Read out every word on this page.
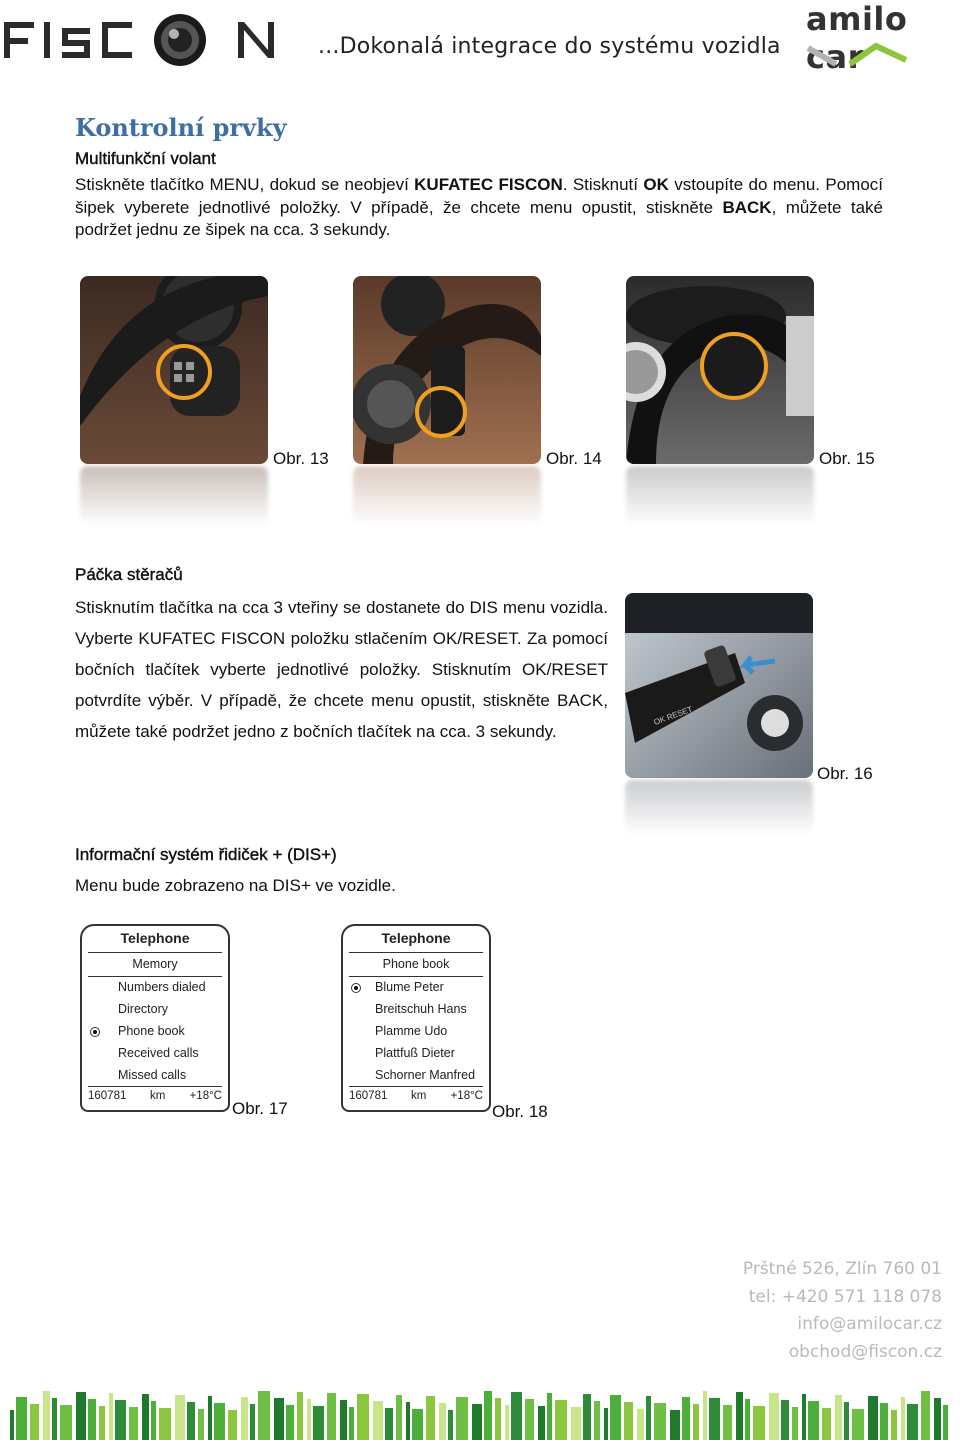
...Dokonalá integrace do systému vozidla
amilo car
Kontrolní prvky
Multifunkční volant
Stiskněte tlačítko MENU, dokud se neobjeví KUFATEC FISCON. Stisknutí OK vstoupíte do menu. Pomocí šipek vyberete jednotlivé položky. V případě, že chcete menu opustit, stiskněte BACK, můžete také podržet jednu ze šipek na cca. 3 sekundy.
Obr. 13	Obr. 14	Obr. 15
Páčka stěračů
Stisknutím tlačítka na cca 3 vteřiny se dostanete do DIS menu vozidla. Vyberte KUFATEC FISCON položku stlačením OK/RESET. Za pomocí bočních tlačítek vyberte jednotlivé položky. Stisknutím OK/RESET potvrdíte výběr. V případě, že chcete menu opustit, stiskněte BACK, můžete také podržet jedno z bočních tlačítek na cca. 3 sekundy.
OK RESET
Obr. 16
Informační systém řidiček + (DIS+)
Menu bude zobrazeno na DIS+ ve vozidle.
Telephone
Memory
Numbers dialed
Directory
Phone book
Received calls
Missed calls
160781 km +18°C
Obr. 17
Telephone
Phone book
Blume Peter
Breitschuh Hans
Plamme Udo
Plattfuß Dieter
Schorner Manfred
160781 km +18°C
Obr. 18
Prštné 526, Zlín 760 01
tel: +420 571 118 078
info@amilocar.cz
obchod@fiscon.cz
